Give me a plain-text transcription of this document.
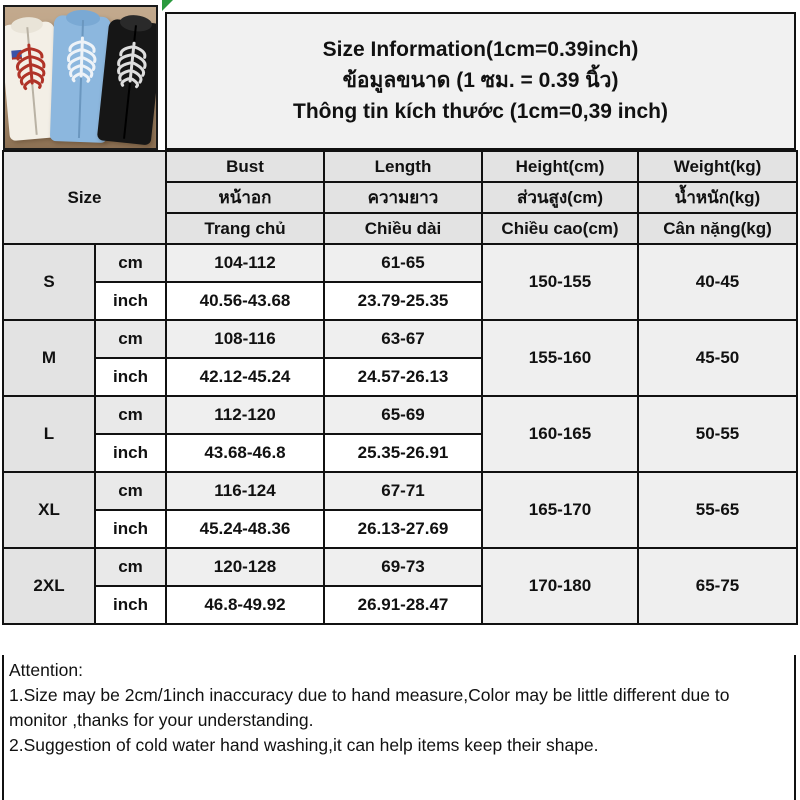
Size Information(1cm=0.39inch)
ข้อมูลขนาด (1 ซม. = 0.39 นิ้ว)
Thông tin kích thước (1cm=0,39 inch)
Size		Bust	Length	Height(cm)	Weight(kg)
		หน้าอก	ความยาว	ส่วนสูง(cm)	น้ำหนัก(kg)
		Trang chủ	Chiều dài	Chiều cao(cm)	Cân nặng(kg)
S	cm	104-112	61-65	150-155	40-45
	inch	40.56-43.68	23.79-25.35		
M	cm	108-116	63-67	155-160	45-50
	inch	42.12-45.24	24.57-26.13		
L	cm	112-120	65-69	160-165	50-55
	inch	43.68-46.8	25.35-26.91		
XL	cm	116-124	67-71	165-170	55-65
	inch	45.24-48.36	26.13-27.69		
2XL	cm	120-128	69-73	170-180	65-75
	inch	46.8-49.92	26.91-28.47		

Attention:

1.Size may be 2cm/1inch inaccuracy due to hand measure,Color may be little different due to monitor ,thanks for your understanding.

2.Suggestion of cold water hand washing,it can help items keep their shape.
